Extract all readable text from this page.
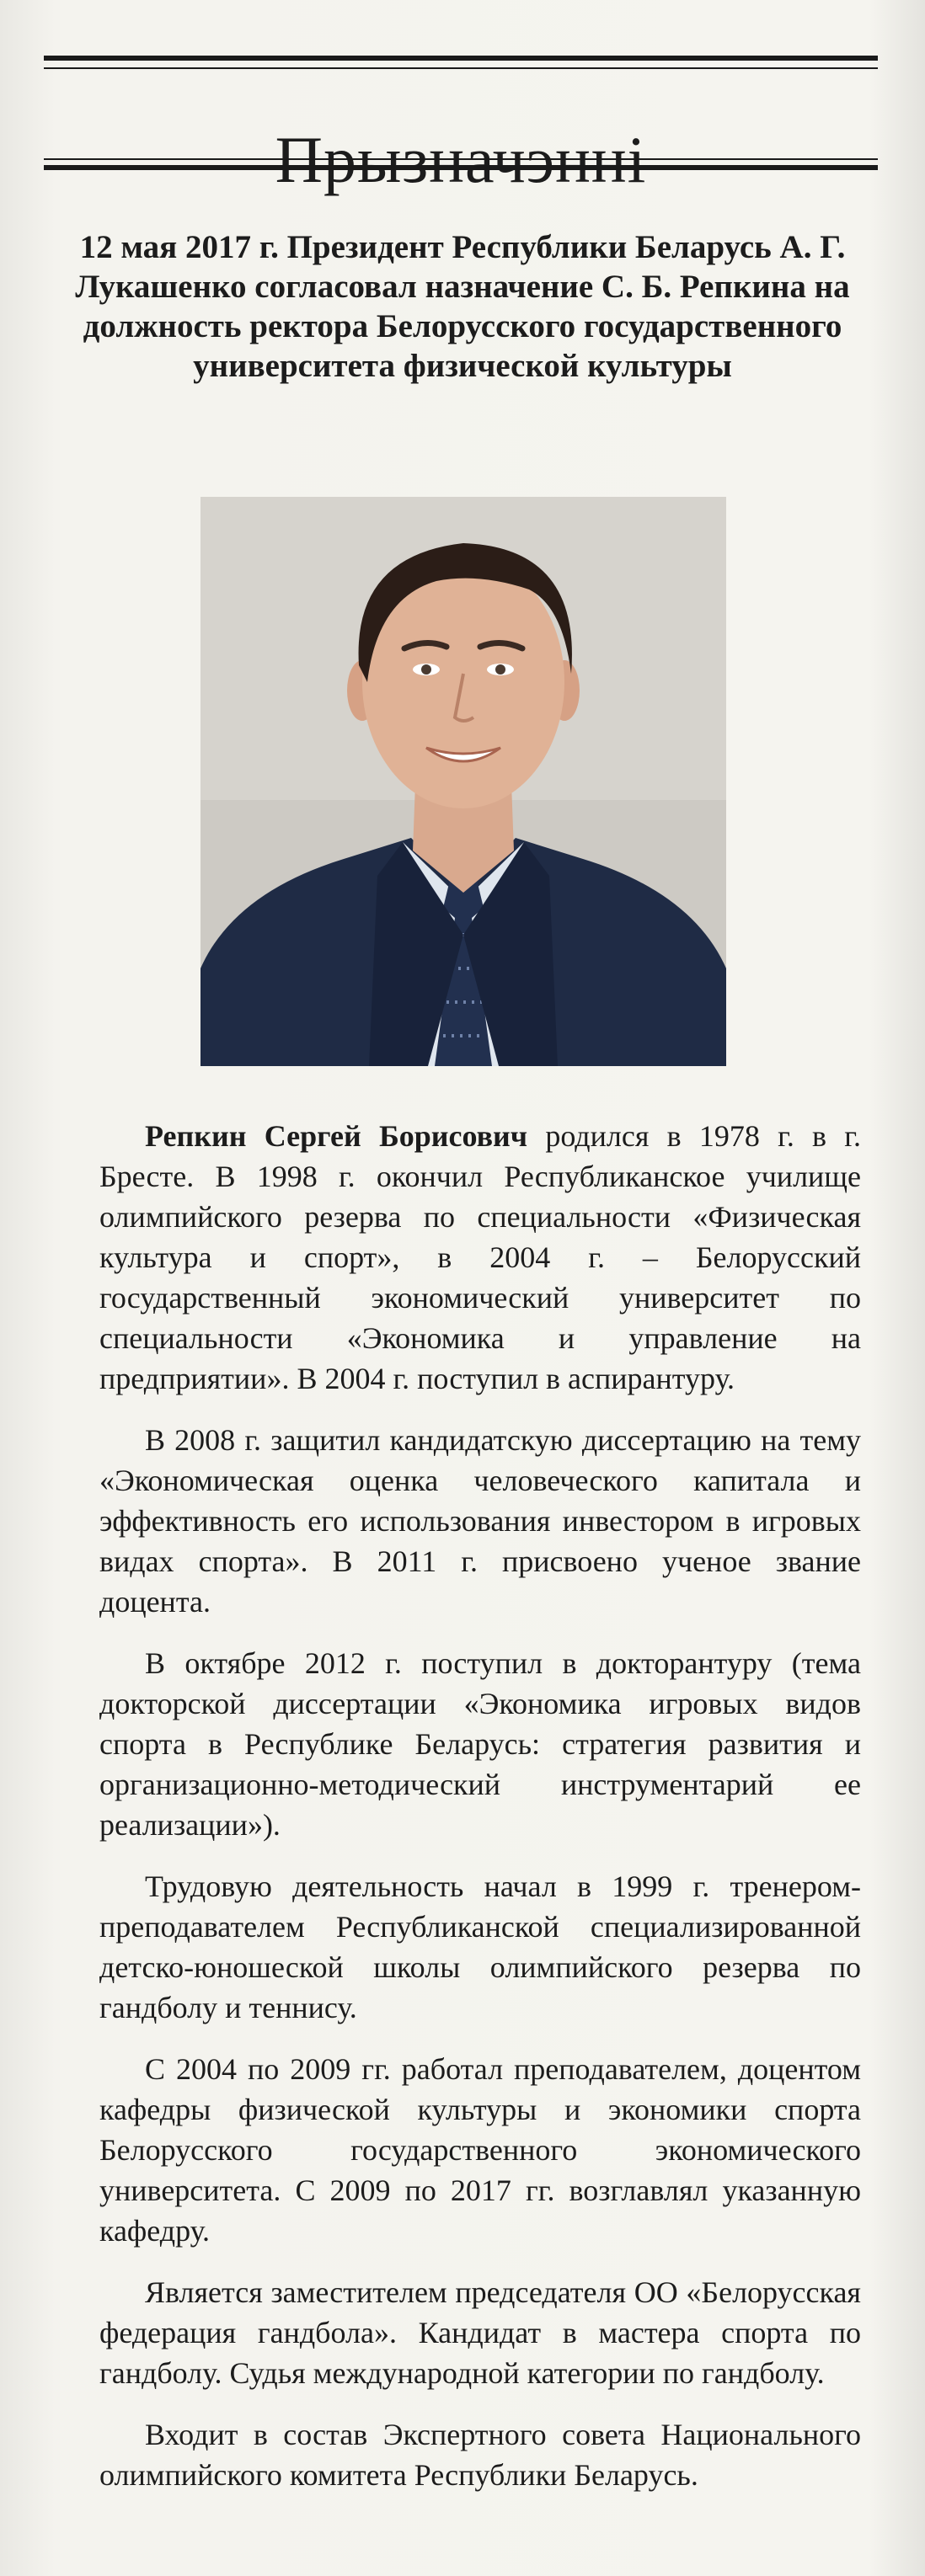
12 мая 2017 г. Президент Республики Беларусь А. Г. Лукашенко согласовал назначение С. Б. Репкина на должность ректора Белорусского государственного университета физической культуры

Репкин Сергей Борисович родился в 1978 г. в г. Бресте. В 1998 г. окончил Республиканское училище олимпийского резерва по специальности «Физическая культура и спорт», в 2004 г. – Белорусский государственный экономический университет по специальности «Экономика и управление на предприятии». В 2004 г. поступил в аспирантуру.

В 2008 г. защитил кандидатскую диссертацию на тему «Экономическая оценка человеческого капитала и эффективность его использования инвестором в игровых видах спорта». В 2011 г. присвоено ученое звание доцента.

В октябре 2012 г. поступил в докторантуру (тема докторской диссертации «Экономика игровых видов спорта в Республике Беларусь: стратегия развития и организационно-методический инструментарий ее реализации»).

Трудовую деятельность начал в 1999 г. тренером-преподавателем Республиканской специализированной детско-юношеской школы олимпийского резерва по гандболу и теннису.

С 2004 по 2009 гг. работал преподавателем, доцентом кафедры физической культуры и экономики спорта Белорусского государственного экономического университета. С 2009 по 2017 гг. возглавлял указанную кафедру.

Является заместителем председателя ОО «Белорусская федерация гандбола». Кандидат в мастера спорта по гандболу. Судья международной категории по гандболу.

Входит в состав Экспертного совета Национального олимпийского комитета Республики Беларусь.
